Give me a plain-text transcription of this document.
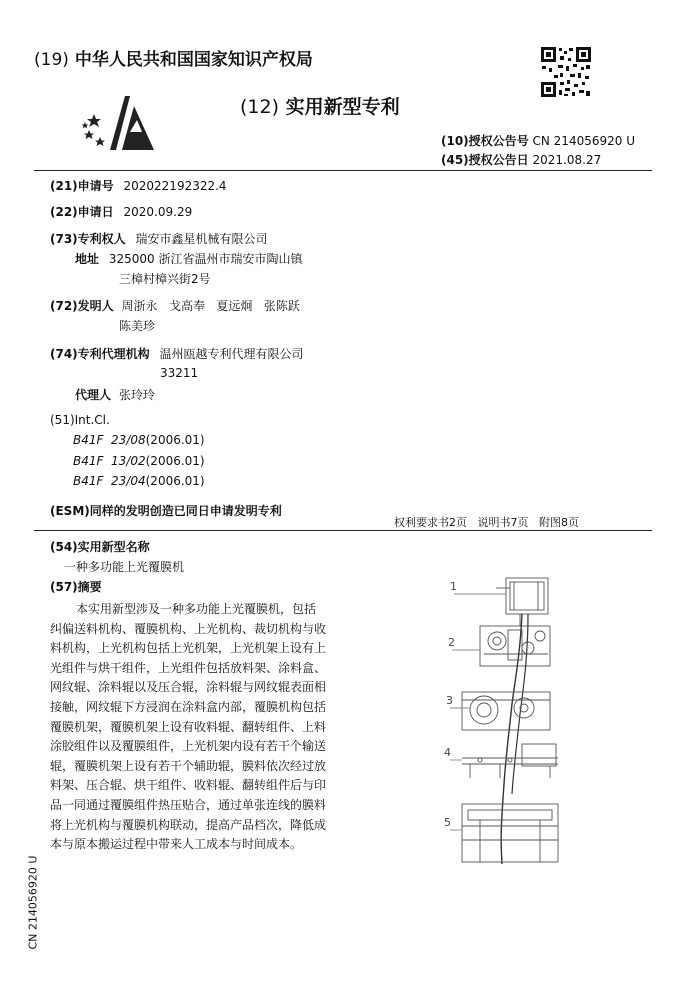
(19) 中华人民共和国国家知识产权局
(12) 实用新型专利
(10)授权公告号 CN 214056920 U
(45)授权公告日 2021.08.27
(21)申请号 202022192322.4
(22)申请日 2020.09.29
(73)专利权人 瑞安市鑫星机械有限公司
地址 325000 浙江省温州市瑞安市陶山镇
三樟村樟兴街2号
(72)发明人 周浙永   戈高奉   夏远炯   张陈跃
陈美珍
(74)专利代理机构 温州瓯越专利代理有限公司
33211
代理人 张玲玲
(51)Int.Cl.
B41F  23/08(2006.01)
B41F  13/02(2006.01)
B41F  23/04(2006.01)
(ESM)同样的发明创造已同日申请发明专利
权利要求书2页   说明书7页   附图8页
(54)实用新型名称
一种多功能上光覆膜机
(57)摘要
本实用新型涉及一种多功能上光覆膜机，包括纠偏送料机构、覆膜机构、上光机构、裁切机构与收料机构，上光机构包括上光机架，上光机架上设有上光组件与烘干组件，上光组件包括放料架、涂料盒、网纹辊、涂料辊以及压合辊，涂料辊与网纹辊表面相接触，网纹辊下方浸润在涂料盒内部，覆膜机构包括覆膜机架，覆膜机架上设有收料辊、翻转组件、上料涂胶组件以及覆膜组件，上光机架内设有若干个输送辊，覆膜机架上设有若干个辅助辊，膜料依次经过放料架、压合辊、烘干组件、收料辊、翻转组件后与印品一同通过覆膜组件热压贴合，通过单张连线的膜料将上光机构与覆膜机构联动，提高产品档次，降低成本与原本搬运过程中带来人工成本与时间成本。
1
2
3
4
5
CN 214056920 U
